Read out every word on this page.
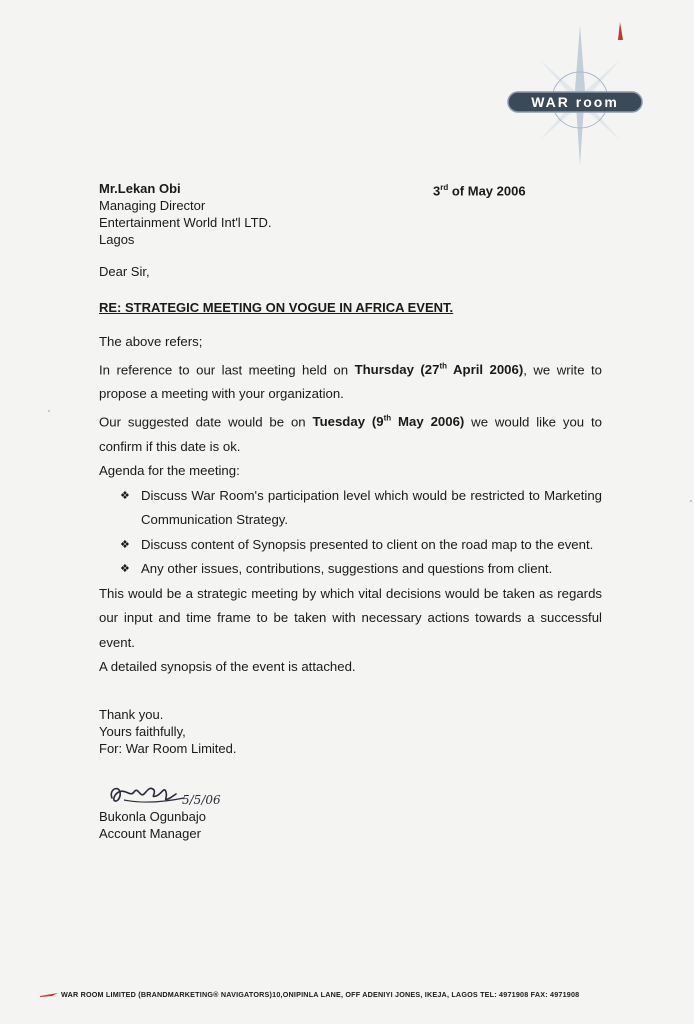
WAR room
Mr.Lekan Obi
Managing Director
Entertainment World Int'l LTD.
Lagos
3rd of May 2006
Dear Sir,
RE: STRATEGIC MEETING ON VOGUE IN AFRICA EVENT.

The above refers;

In reference to our last meeting held on Thursday (27th April 2006), we write to propose a meeting with your organization.

Our suggested date would be on Tuesday (9th May 2006) we would like you to confirm if this date is ok.

Agenda for the meeting:

❖ Discuss War Room's participation level which would be restricted to Marketing Communication Strategy.
❖ Discuss content of Synopsis presented to client on the road map to the event.
❖ Any other issues, contributions, suggestions and questions from client.

This would be a strategic meeting by which vital decisions would be taken as regards our input and time frame to be taken with necessary actions towards a successful event.

A detailed synopsis of the event is attached.

Thank you.
Yours faithfully,
For: War Room Limited.
5/5/06
Bukonla Ogunbajo
Account Manager
WAR ROOM LIMITED (BRANDMARKETING® NAVIGATORS)10,ONIPINLA LANE, OFF ADENIYI JONES, IKEJA, LAGOS TEL: 4971908 FAX: 4971908
